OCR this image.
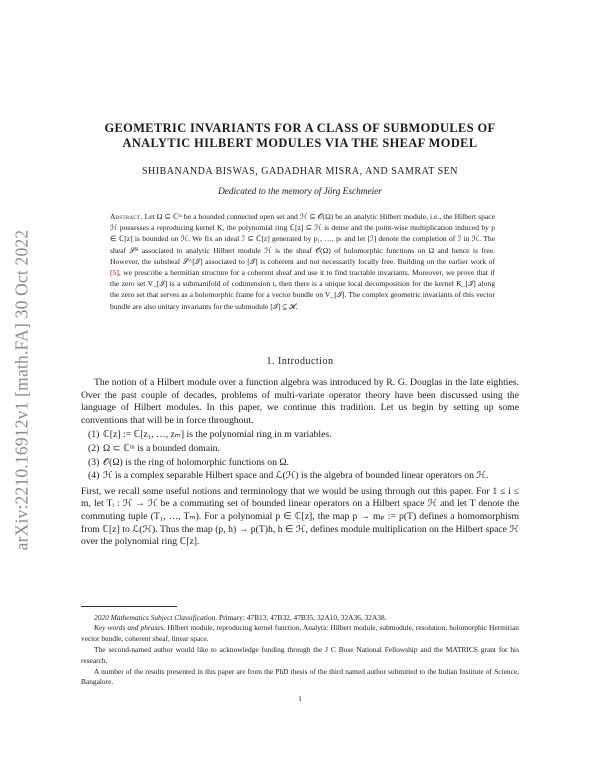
arXiv:2210.16912v1 [math.FA] 30 Oct 2022
GEOMETRIC INVARIANTS FOR A CLASS OF SUBMODULES OF
ANALYTIC HILBERT MODULES VIA THE SHEAF MODEL
SHIBANANDA BISWAS, GADADHAR MISRA, AND SAMRAT SEN
Dedicated to the memory of Jörg Eschmeier

Abstract. Let Ω ⊆ ℂᵐ be a bounded connected open set and ℋ ⊆ 𝒪(Ω) be an analytic Hilbert module, i.e., the Hilbert space ℋ possesses a reproducing kernel K, the polynomial ring ℂ[z] ⊆ ℋ is dense and the point-wise multiplication induced by p ∈ ℂ[z] is bounded on ℋ. We fix an ideal ℐ ⊆ ℂ[z] generated by p₁, …, pₜ and let [ℐ] denote the completion of ℐ in ℋ. The sheaf 𝒮ᴴ associated to analytic Hilbert module ℋ is the sheaf 𝒪(Ω) of holomorphic functions on Ω and hence is free. However, the subsheaf 𝒮^[ℐ] associated to [ℐ] is coherent and not necessarily locally free. Building on the earlier work of [5], we prescribe a hermitian structure for a coherent sheaf and use it to find tractable invariants. Moreover, we prove that if the zero set V_[ℐ] is a submanifold of codimension t, then there is a unique local decomposition for the kernel K_[ℐ] along the zero set that serves as a holomorphic frame for a vector bundle on V_[ℐ]. The complex geometric invariants of this vector bundle are also unitary invariants for the submodule [ℐ] ⊆ ℋ.

1. Introduction

The notion of a Hilbert module over a function algebra was introduced by R. G. Douglas in the late eighties. Over the past couple of decades, problems of multi-variate operator theory have been discussed using the language of Hilbert modules. In this paper, we continue this tradition. Let us begin by setting up some conventions that will be in force throughout.

(1) ℂ[z] := ℂ[z₁, …, zₘ] is the polynomial ring in m variables.
(2) Ω ⊂ ℂᵐ is a bounded domain.
(3) 𝒪(Ω) is the ring of holomorphic functions on Ω.
(4) ℋ is a complex separable Hilbert space and ℒ(ℋ) is the algebra of bounded linear operators on ℋ.

First, we recall some useful notions and terminology that we would be using through out this paper. For 1 ≤ i ≤ m, let Tᵢ : ℋ → ℋ be a commuting set of bounded linear operators on a Hilbert space ℋ and let T denote the commuting tuple (T₁, …, Tₘ). For a polynomial p ∈ ℂ[z], the map p → mₚ := p(T) defines a homomorphism from ℂ[z] to ℒ(ℋ). Thus the map (p, h) → p(T)h, h ∈ ℋ, defines module multiplication on the Hilbert space ℋ over the polynomial ring ℂ[z].

2020 Mathematics Subject Classification. Primary: 47B13, 47B32, 47B35, 32A10, 32A36, 32A38.

Key words and phrases. Hilbert module, reproducing kernel function, Analytic Hilbert module, submodule, resolution, holomorphic Hermitian vector bundle, coherent sheaf, linear space.

The second-named author would like to acknowledge funding through the J C Bose National Fellowship and the MATRICS grant for his research.

A number of the results presented in this paper are from the PhD thesis of the third named author submitted to the Indian Institute of Science, Bangalore.

1
